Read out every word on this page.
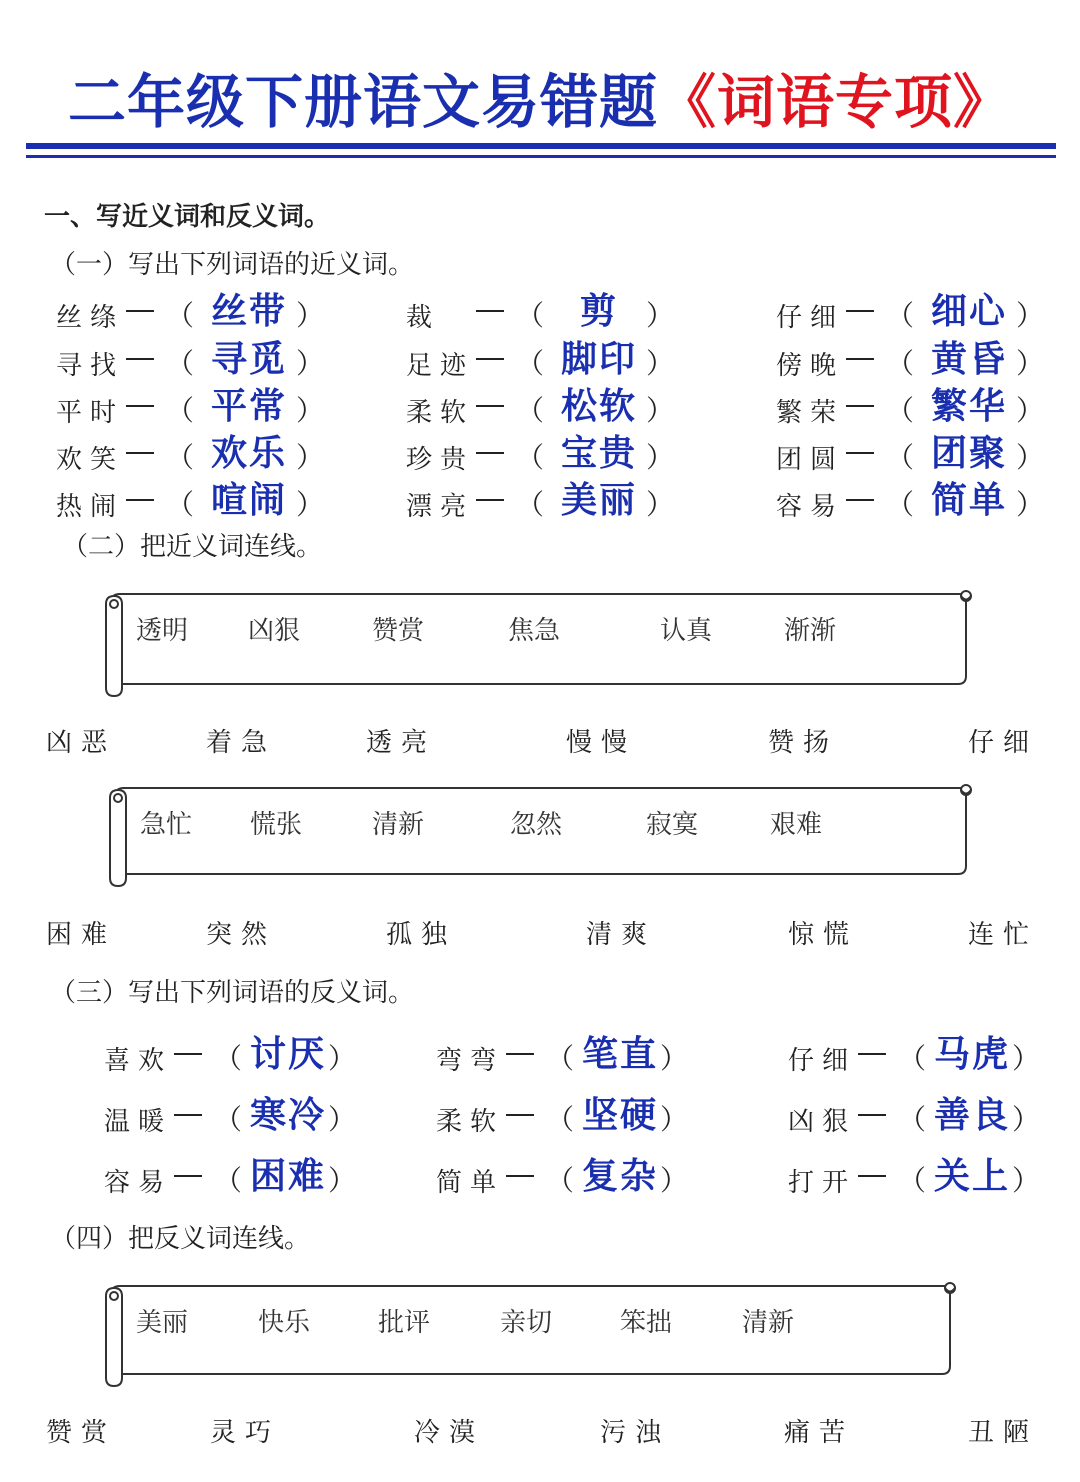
二年级下册语文易错题《词语专项》
一、写近义词和反义词。
（一）写出下列词语的近义词。
丝绦 （ 丝带 ）	裁	（ 剪	）	仔细 （ 细心 ）
寻找 （ 寻觅 ）	足迹 （ 脚印 ）	傍晚 （ 黄昏 ）
平时 （ 平常 ）	柔软 （ 松软 ）	繁荣 （ 繁华 ）
欢笑 （ 欢乐 ）	珍贵 （ 宝贵 ）	团圆 （ 团聚 ）
热闹 （ 喧闹 ）	漂亮 （ 美丽 ）	容易 （ 简单 ）
（二）把近义词连线。
透明 凶狠	赞赏	焦急	认真	渐渐
凶恶	着急	透亮	慢慢	赞扬	仔细
急忙 慌张	清新	忽然	寂寞	艰难
困难	突然	孤独	清爽	惊慌	连忙
（三）写出下列词语的反义词。
喜欢 （ 讨厌 ）	弯弯 （ 笔直 ）	仔细 （ 马虎 ）
温暖 （ 寒冷 ）	柔软 （ 坚硬 ）	凶狠 （ 善良 ）
容易 （ 困难 ）	简单 （ 复杂 ）	打开 （ 关上 ）
（四）把反义词连线。
美丽	快乐	批评	亲切	笨拙	清新
赞赏	灵巧	冷漠	污浊	痛苦	丑陋
